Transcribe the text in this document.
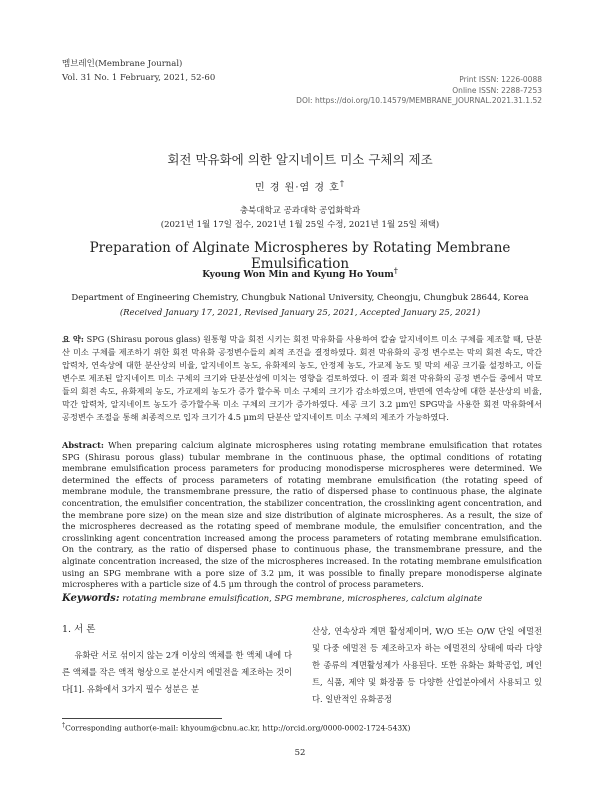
멤브레인(Membrane Journal)
Vol. 31 No. 1 February, 2021, 52-60	Print ISSN: 1226-0088
Online ISSN: 2288-7253
DOI: https://doi.org/10.14579/MEMBRANE_JOURNAL.2021.31.1.52
회전 막유화에 의한 알지네이트 미소 구체의 제조
민 경 원·염 경 호†
충북대학교 공과대학 공업화학과
(2021년 1월 17일 접수, 2021년 1월 25일 수정, 2021년 1월 25일 채택)
Preparation of Alginate Microspheres by Rotating Membrane Emulsification
Kyoung Won Min and Kyung Ho Youm†
Department of Engineering Chemistry, Chungbuk National University, Cheongju, Chungbuk 28644, Korea
(Received January 17, 2021, Revised January 25, 2021, Accepted January 25, 2021)
요 약: SPG (Shirasu porous glass) 원통형 막을 회전 시키는 회전 막유화를 사용하여 칼슘 알지네이트 미소 구체를 제조할 때, 단분산 미소 구체를 제조하기 위한 회전 막유화 공정변수들의 최적 조건을 결정하였다. 회전 막유화의 공정 변수로는 막의 회전 속도, 막간 압력차, 연속상에 대한 분산상의 비율, 알지네이트 농도, 유화제의 농도, 안정제 농도, 가교제 농도 및 막의 세공 크기를 설정하고, 이들 변수로 제조된 알지네이트 미소 구체의 크기와 단분산성에 미치는 영향을 검토하였다. 이 결과 회전 막유화의 공정 변수들 중에서 막모듈의 회전 속도, 유화제의 농도, 가교제의 농도가 증가 할수록 미소 구체의 크기가 감소하였으며, 반면에 연속상에 대한 분산상의 비율, 막간 압력차, 알지네이트 농도가 증가할수록 미소 구체의 크기가 증가하였다. 세공 크기 3.2 μm인 SPG막을 사용한 회전 막유화에서 공정변수 조절을 통해 최종적으로 입자 크기가 4.5 μm의 단분산 알지네이트 미소 구체의 제조가 가능하였다.
Abstract: When preparing calcium alginate microspheres using rotating membrane emulsification that rotates SPG (Shirasu porous glass) tubular membrane in the continuous phase, the optimal conditions of rotating membrane emulsification process parameters for producing monodisperse microspheres were determined. We determined the effects of process parameters of rotating membrane emulsification (the rotating speed of membrane module, the transmembrane pressure, the ratio of dispersed phase to continuous phase, the alginate concentration, the emulsifier concentration, the stabilizer concentration, the crosslinking agent concentration, and the membrane pore size) on the mean size and size distribution of alginate microspheres. As a result, the size of the microspheres decreased as the rotating speed of membrane module, the emulsifier concentration, and the crosslinking agent concentration increased among the process parameters of rotating membrane emulsification. On the contrary, as the ratio of dispersed phase to continuous phase, the transmembrane pressure, and the alginate concentration increased, the size of the microspheres increased. In the rotating membrane emulsification using an SPG membrane with a pore size of 3.2 μm, it was possible to finally prepare monodisperse alginate microspheres with a particle size of 4.5 μm through the control of process parameters.
Keywords: rotating membrane emulsification, SPG membrane, microspheres, calcium alginate
1. 서 론
유화란 서로 섞이지 않는 2개 이상의 액체를 한 액체 내에 다른 액체를 작은 액적 형상으로 분산시켜 에멀전을 제조하는 것이다[1]. 유화에서 3가지 필수 성분은 분
산상, 연속상과 계면 활성제이며, W/O 또는 O/W 단일 에멀전 및 다중 에멀전 등 제조하고자 하는 에멀젼의 상태에 따라 다양한 종류의 계면활성제가 사용된다. 또한 유화는 화학공업, 페인트, 식품, 제약 및 화장품 등 다양한 산업분야에서 사용되고 있다. 일반적인 유화공정
†Corresponding author(e-mail: khyoum@cbnu.ac.kr, http://orcid.org/0000-0002-1724-543X)
52
